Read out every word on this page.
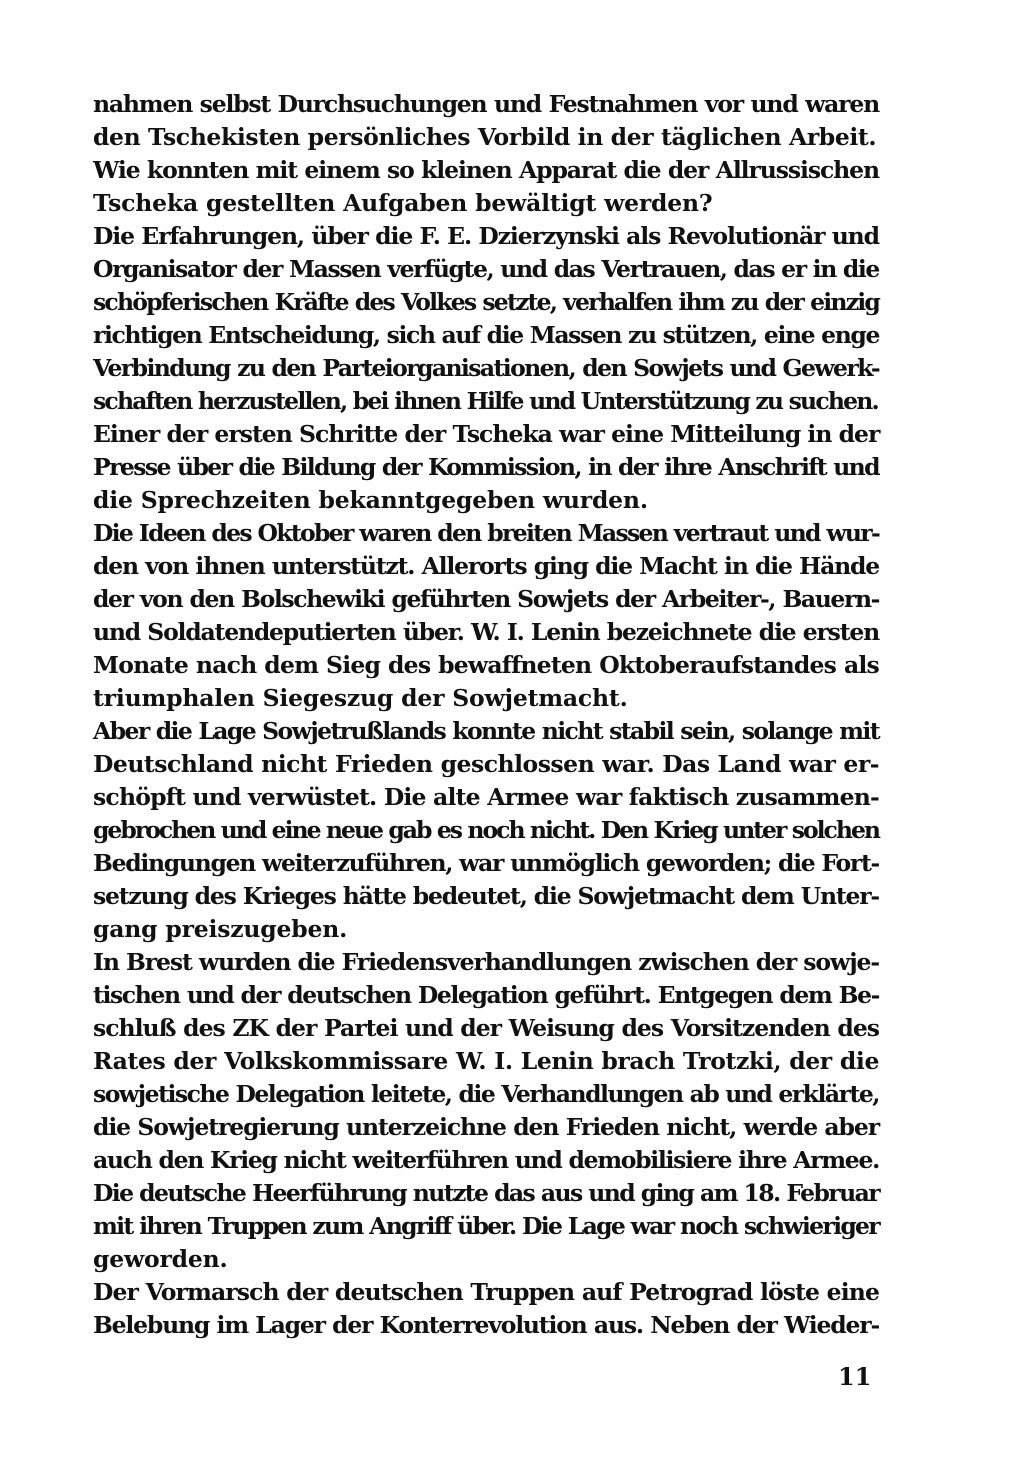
nahmen selbst Durchsuchungen und Festnahmen vor und waren
den Tschekisten persönliches Vorbild in der täglichen Arbeit.
Wie konnten mit einem so kleinen Apparat die der Allrussischen
Tscheka gestellten Aufgaben bewältigt werden?
Die Erfahrungen, über die F. E. Dzierzynski als Revolutionär und
Organisator der Massen verfügte, und das Vertrauen, das er in die
schöpferischen Kräfte des Volkes setzte, verhalfen ihm zu der einzig
richtigen Entscheidung, sich auf die Massen zu stützen, eine enge
Verbindung zu den Parteiorganisationen, den Sowjets und Gewerk-
schaften herzustellen, bei ihnen Hilfe und Unterstützung zu suchen.
Einer der ersten Schritte der Tscheka war eine Mitteilung in der
Presse über die Bildung der Kommission, in der ihre Anschrift und
die Sprechzeiten bekanntgegeben wurden.
Die Ideen des Oktober waren den breiten Massen vertraut und wur-
den von ihnen unterstützt. Allerorts ging die Macht in die Hände
der von den Bolschewiki geführten Sowjets der Arbeiter-, Bauern-
und Soldatendeputierten über. W. I. Lenin bezeichnete die ersten
Monate nach dem Sieg des bewaffneten Oktoberaufstandes als
triumphalen Siegeszug der Sowjetmacht.
Aber die Lage Sowjetrußlands konnte nicht stabil sein, solange mit
Deutschland nicht Frieden geschlossen war. Das Land war er-
schöpft und verwüstet. Die alte Armee war faktisch zusammen-
gebrochen und eine neue gab es noch nicht. Den Krieg unter solchen
Bedingungen weiterzuführen, war unmöglich geworden; die Fort-
setzung des Krieges hätte bedeutet, die Sowjetmacht dem Unter-
gang preiszugeben.
In Brest wurden die Friedensverhandlungen zwischen der sowje-
tischen und der deutschen Delegation geführt. Entgegen dem Be-
schluß des ZK der Partei und der Weisung des Vorsitzenden des
Rates der Volkskommissare W. I. Lenin brach Trotzki, der die
sowjetische Delegation leitete, die Verhandlungen ab und erklärte,
die Sowjetregierung unterzeichne den Frieden nicht, werde aber
auch den Krieg nicht weiterführen und demobilisiere ihre Armee.
Die deutsche Heerführung nutzte das aus und ging am 18. Februar
mit ihren Truppen zum Angriff über. Die Lage war noch schwieriger
geworden.
Der Vormarsch der deutschen Truppen auf Petrograd löste eine
Belebung im Lager der Konterrevolution aus. Neben der Wieder-
11
